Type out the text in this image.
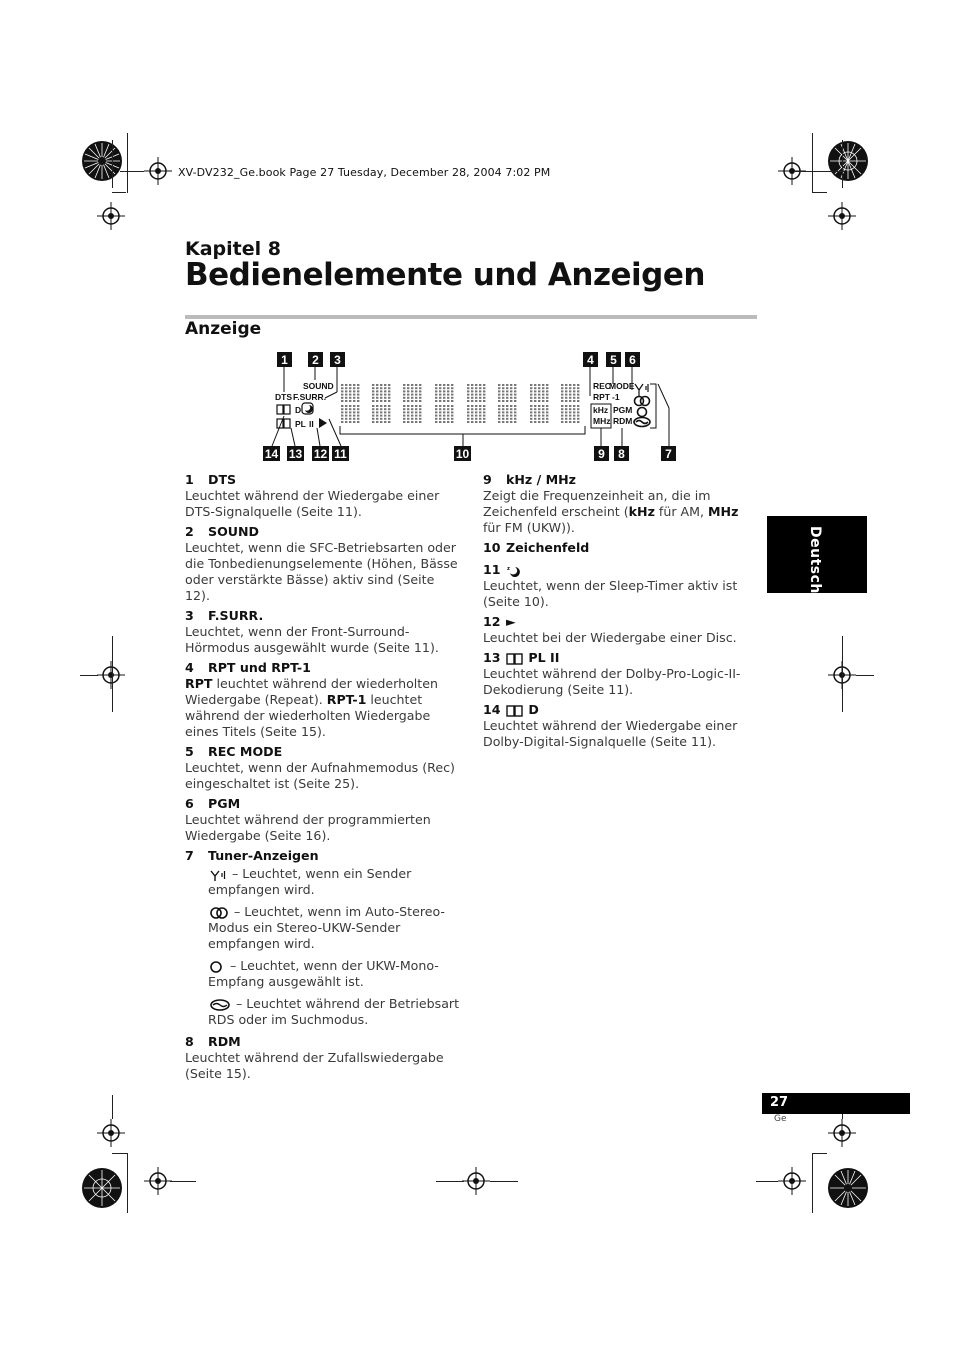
XV-DV232_Ge.book Page 27 Tuesday, December 28, 2004 7:02 PM
Kapitel 8
Bedienelemente und Anzeigen
Anzeige
1 2 3	4 5 6
SOUND
DTS F.SURR.
REC
MODE
RPT -1
kHz
MHz
PGM
RDM
D
PL II
14 13 12 11	10	9 8	7
1 DTS
Leuchtet während der Wiedergabe einer DTS-Signalquelle (Seite 11).
2 SOUND
Leuchtet, wenn die SFC-Betriebsarten oder die Tonbedienungselemente (Höhen, Bässe oder verstärkte Bässe) aktiv sind (Seite 12).
3 F.SURR.
Leuchtet, wenn der Front-Surround-Hörmodus ausgewählt wurde (Seite 11).
4 RPT und RPT-1
RPT leuchtet während der wiederholten Wiedergabe (Repeat). RPT-1 leuchtet während der wiederholten Wiedergabe eines Titels (Seite 15).
5 REC MODE
Leuchtet, wenn der Aufnahmemodus (Rec) eingeschaltet ist (Seite 25).
6 PGM
Leuchtet während der programmierten Wiedergabe (Seite 16).
7 Tuner-Anzeigen
– Leuchtet, wenn ein Sender empfangen wird.
– Leuchtet, wenn im Auto-Stereo-Modus ein Stereo-UKW-Sender empfangen wird.
– Leuchtet, wenn der UKW-Mono-Empfang ausgewählt ist.
– Leuchtet während der Betriebsart RDS oder im Suchmodus.
8 RDM
Leuchtet während der Zufallswiedergabe (Seite 15).
9 kHz / MHz
Zeigt die Frequenzeinheit an, die im Zeichenfeld erscheint (kHz für AM, MHz für FM (UKW)).
10 Zeichenfeld
11 z
Leuchtet, wenn der Sleep-Timer aktiv ist (Seite 10).
12 ►
Leuchtet bei der Wiedergabe einer Disc.
13 PL II
Leuchtet während der Dolby-Pro-Logic-II-Dekodierung (Seite 11).
14 D
Leuchtet während der Wiedergabe einer Dolby-Digital-Signalquelle (Seite 11).
Deutsch
27
Ge
